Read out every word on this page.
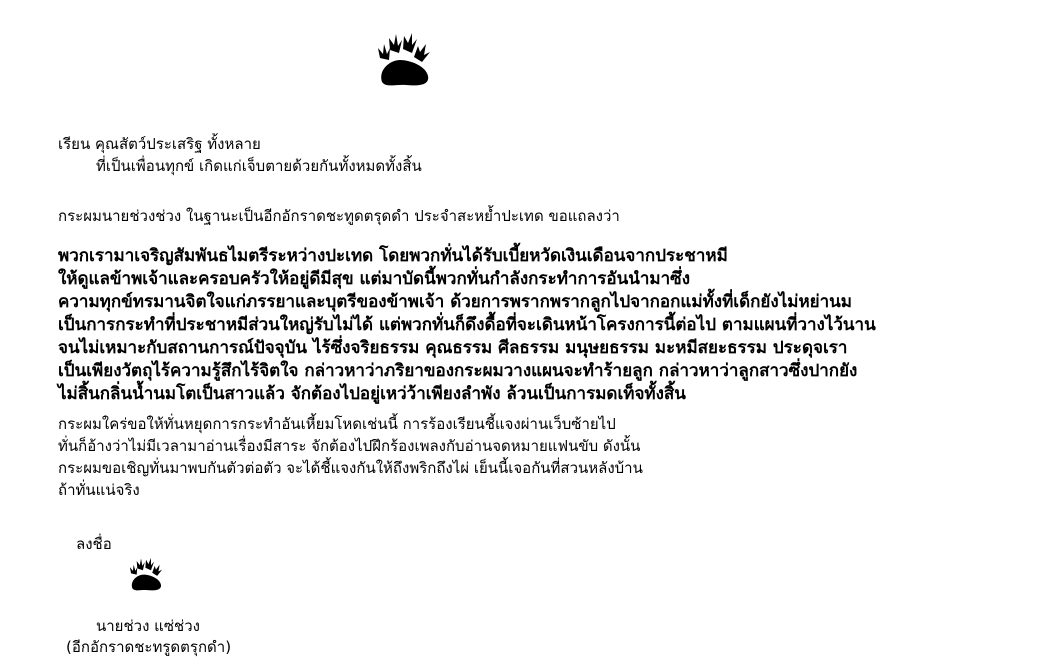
เรียน คุณสัตว์ประเสริฐ ทั้งหลาย
ที่เป็นเพื่อนทุกข์ เกิดแก่เจ็บตายด้วยกันทั้งหมดทั้งสิ้น
กระผมนายช่วงช่วง ในฐานะเป็นอีกอักราดชะทูดตรุดดำ ประจำสะหย้ำปะเทด ขอแถลงว่า
พวกเรามาเจริญสัมพันธไมตรีระหว่างปะเทด โดยพวกทั่นได้รับเบี้ยหวัดเงินเดือนจากประชาหมี
ให้ดูแลข้าพเจ้าและครอบครัวให้อยู่ดีมีสุข แต่มาบัดนี้พวกทั่นกำลังกระทำการอันนำมาซึ่ง
ความทุกข์ทรมานจิตใจแก่ภรรยาและบุตรีของข้าพเจ้า ด้วยการพรากพรากลูกไปจากอกแม่ทั้งที่เด็กยังไม่หย่านม
เป็นการกระทำที่ประชาหมีส่วนใหญ่รับไม่ได้ แต่พวกทั่นก็ดึงดื้อที่จะเดินหน้าโครงการนี้ต่อไป ตามแผนที่วางไว้นาน
จนไม่เหมาะกับสถานการณ์ปัจจุบัน ไร้ซึ่งจริยธรรม คุณธรรม ศีลธรรม มนุษยธรรม มะหมีสยะธรรม ประดุจเรา
เป็นเพียงวัตถุไร้ความรู้สึกไร้จิตใจ กล่าวหาว่าภริยาของกระผมวางแผนจะทำร้ายลูก กล่าวหาว่าลูกสาวซึ่งปากยัง
ไม่สิ้นกลิ่นน้ำนมโตเป็นสาวแล้ว จักต้องไปอยู่เหว่ว้าเพียงลำพัง ล้วนเป็นการมดเท็จทั้งสิ้น
กระผมใคร่ขอให้ทั่นหยุดการกระทำอันเหี้ยมโหดเช่นนี้ การร้องเรียนชี้แจงผ่านเว็บซ้ายไป
ทั่นก็อ้างว่าไม่มีเวลามาอ่านเรื่องมีสาระ จักต้องไปฝึกร้องเพลงกับอ่านจดหมายแฟนขับ ดังนั้น
กระผมขอเชิญทั่นมาพบกันตัวต่อตัว จะได้ชี้แจงกันให้ถึงพริกถึงไผ่ เย็นนี้เจอกันที่สวนหลังบ้าน
ถ้าทั่นแน่จริง
ลงชื่อ
นายช่วง แซ่ช่วง
(อีกอักราดชะทรูดตรุกดำ)
